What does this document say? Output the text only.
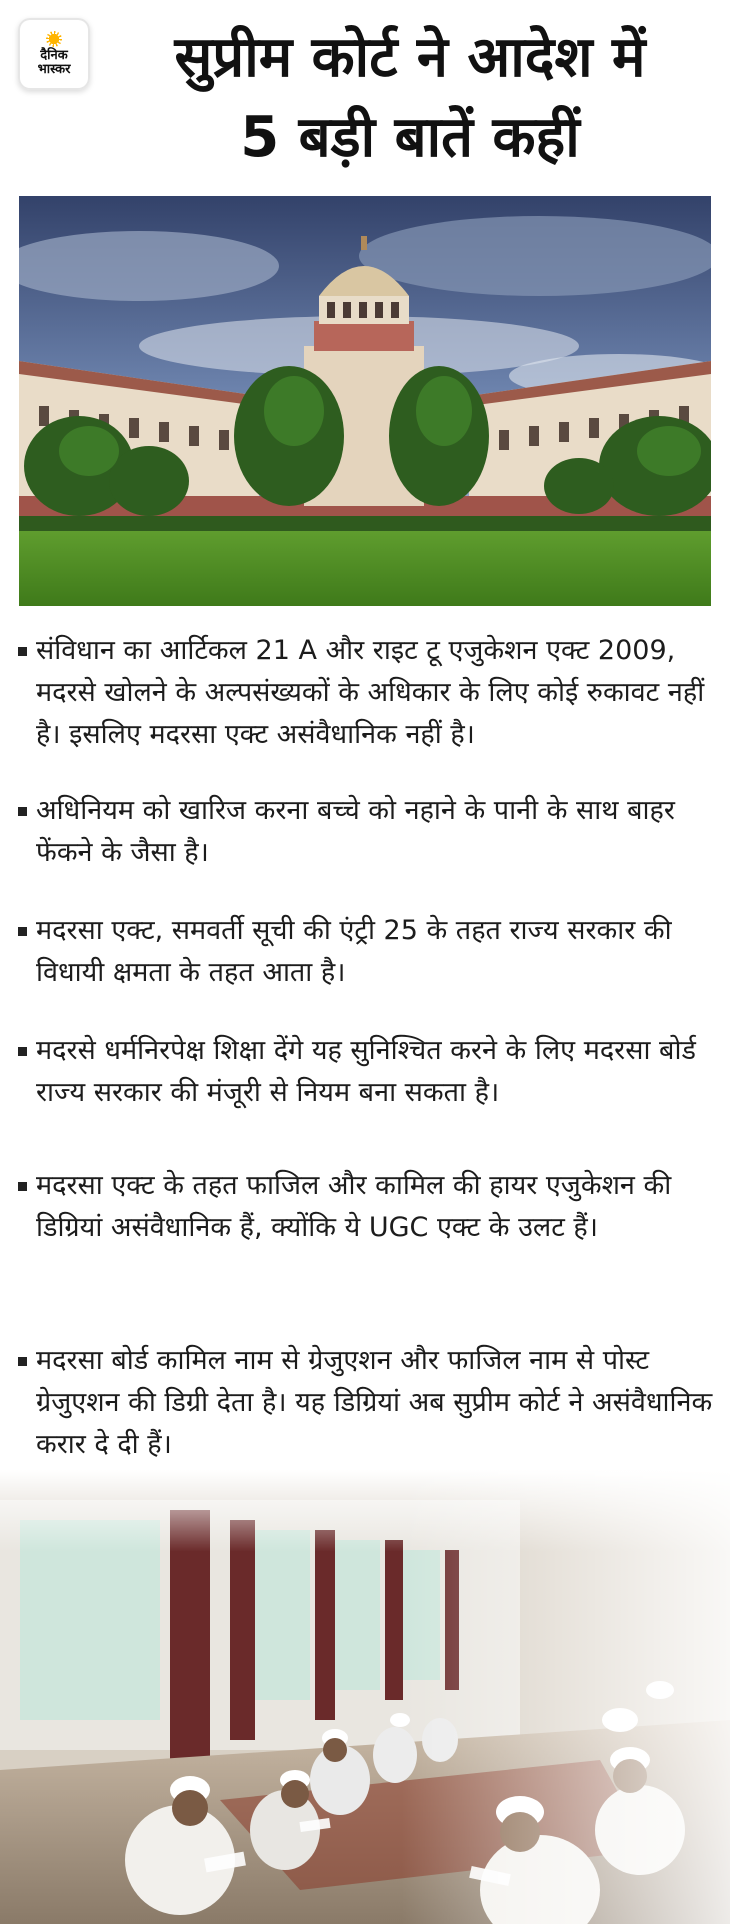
दैनिक
भास्कर	सुप्रीम कोर्ट ने आदेश में
5 बड़ी बातें कहीं
संविधान का आर्टिकल 21 A और राइट टू एजुकेशन एक्ट 2009, मदरसे खोलने के अल्पसंख्यकों के अधिकार के लिए कोई रुकावट नहीं है। इसलिए मदरसा एक्ट असंवैधानिक नहीं है।
अधिनियम को खारिज करना बच्चे को नहाने के पानी के साथ बाहर फेंकने के जैसा है।
मदरसा एक्ट, समवर्ती सूची की एंट्री 25 के तहत राज्य सरकार की विधायी क्षमता के तहत आता है।
मदरसे धर्मनिरपेक्ष शिक्षा देंगे यह सुनिश्चित करने के लिए मदरसा बोर्ड राज्य सरकार की मंजूरी से नियम बना सकता है।
मदरसा एक्ट के तहत फाजिल और कामिल की हायर एजुकेशन की डिग्रियां असंवैधानिक हैं, क्योंकि ये UGC एक्ट के उलट हैं।
मदरसा बोर्ड कामिल नाम से ग्रेजुएशन और फाजिल नाम से पोस्ट ग्रेजुएशन की डिग्री देता है। यह डिग्रियां अब सुप्रीम कोर्ट ने असंवैधानिक करार दे दी हैं।
